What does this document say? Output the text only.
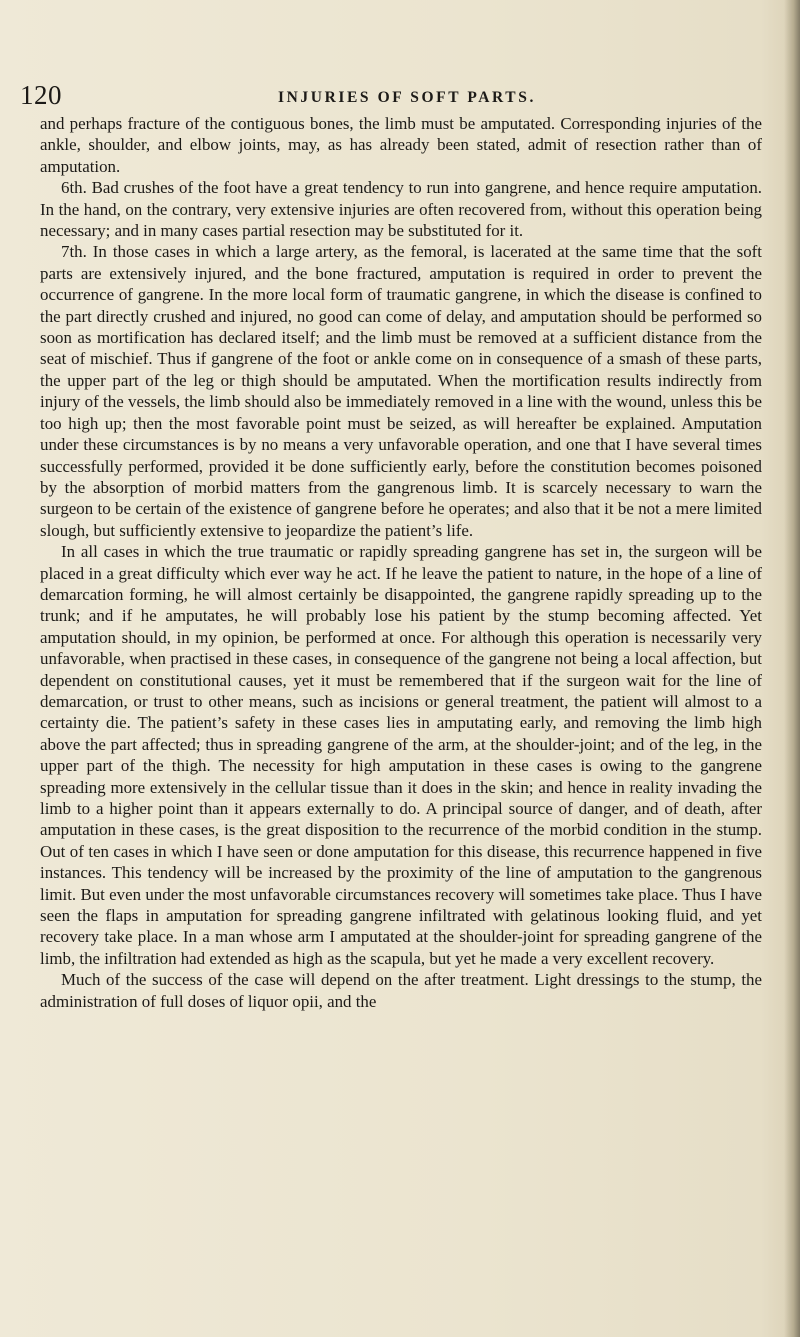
120	INJURIES OF SOFT PARTS.

and perhaps fracture of the contiguous bones, the limb must be amputated. Corresponding injuries of the ankle, shoulder, and elbow joints, may, as has already been stated, admit of resection rather than of amputation.

6th. Bad crushes of the foot have a great tendency to run into gangrene, and hence require amputation. In the hand, on the contrary, very extensive injuries are often recovered from, without this operation being necessary; and in many cases partial resection may be substituted for it.

7th. In those cases in which a large artery, as the femoral, is lacerated at the same time that the soft parts are extensively injured, and the bone fractured, amputation is required in order to prevent the occurrence of gangrene. In the more local form of traumatic gangrene, in which the disease is confined to the part directly crushed and injured, no good can come of delay, and amputation should be performed so soon as mortification has declared itself; and the limb must be removed at a sufficient distance from the seat of mischief. Thus if gangrene of the foot or ankle come on in consequence of a smash of these parts, the upper part of the leg or thigh should be amputated. When the mortification results indirectly from injury of the vessels, the limb should also be immediately removed in a line with the wound, unless this be too high up; then the most favorable point must be seized, as will hereafter be explained. Amputation under these circumstances is by no means a very unfavorable operation, and one that I have several times successfully performed, provided it be done sufficiently early, before the constitution becomes poisoned by the absorption of morbid matters from the gangrenous limb. It is scarcely necessary to warn the surgeon to be certain of the existence of gangrene before he operates; and also that it be not a mere limited slough, but sufficiently extensive to jeopardize the patient’s life.

In all cases in which the true traumatic or rapidly spreading gangrene has set in, the surgeon will be placed in a great difficulty which ever way he act. If he leave the patient to nature, in the hope of a line of demarcation forming, he will almost certainly be disappointed, the gangrene rapidly spreading up to the trunk; and if he amputates, he will probably lose his patient by the stump becoming affected. Yet amputation should, in my opinion, be performed at once. For although this operation is necessarily very unfavorable, when practised in these cases, in consequence of the gangrene not being a local affection, but dependent on constitutional causes, yet it must be remembered that if the surgeon wait for the line of demarcation, or trust to other means, such as incisions or general treatment, the patient will almost to a certainty die. The patient’s safety in these cases lies in amputating early, and removing the limb high above the part affected; thus in spreading gangrene of the arm, at the shoulder-joint; and of the leg, in the upper part of the thigh. The necessity for high amputation in these cases is owing to the gangrene spreading more extensively in the cellular tissue than it does in the skin; and hence in reality invading the limb to a higher point than it appears externally to do. A principal source of danger, and of death, after amputation in these cases, is the great disposition to the recurrence of the morbid condition in the stump. Out of ten cases in which I have seen or done amputation for this disease, this recurrence happened in five instances. This tendency will be increased by the proximity of the line of amputation to the gangrenous limit. But even under the most unfavorable circumstances recovery will sometimes take place. Thus I have seen the flaps in amputation for spreading gangrene infiltrated with gelatinous looking fluid, and yet recovery take place. In a man whose arm I amputated at the shoulder-joint for spreading gangrene of the limb, the infiltration had extended as high as the scapula, but yet he made a very excellent recovery.

Much of the success of the case will depend on the after treatment. Light dressings to the stump, the administration of full doses of liquor opii, and the
